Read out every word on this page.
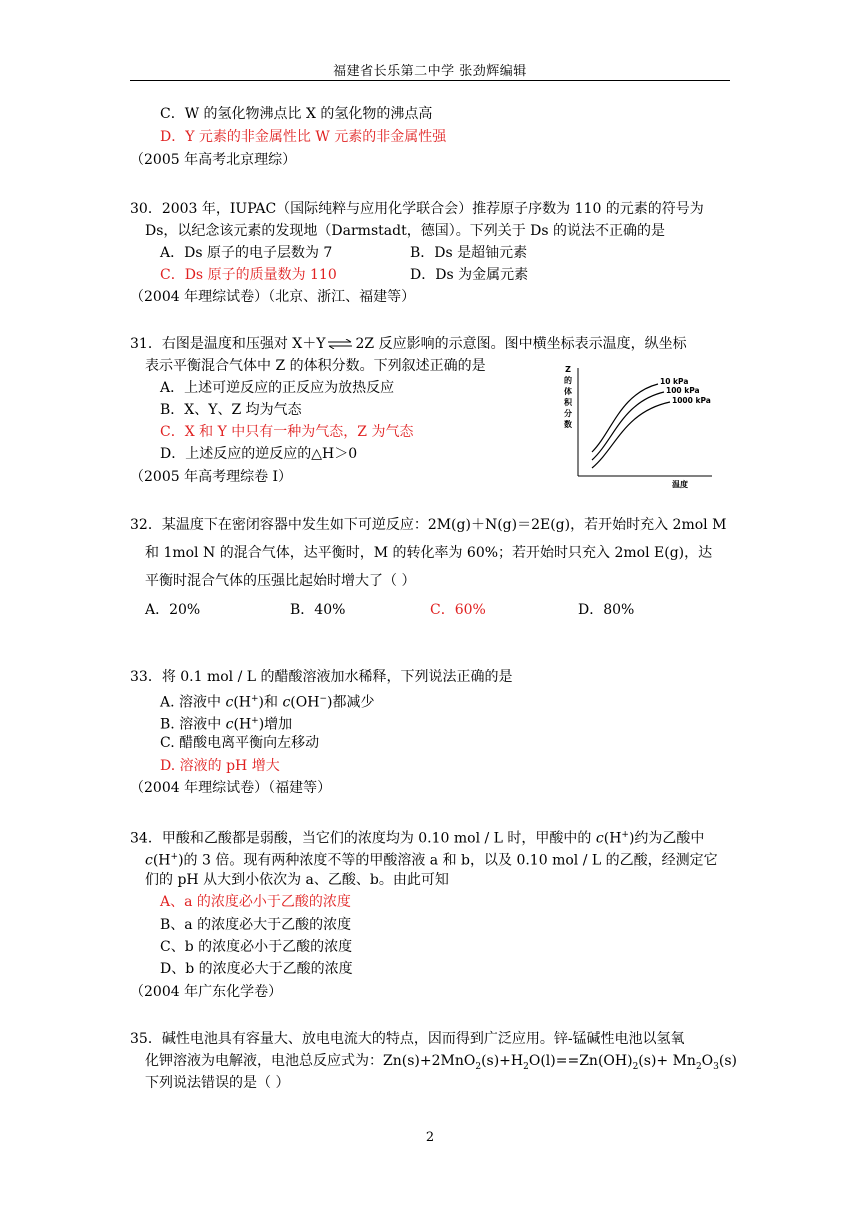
福建省长乐第二中学 张劲辉编辑
C．W 的氢化物沸点比 X 的氢化物的沸点高
D．Y 元素的非金属性比 W 元素的非金属性强
（2005 年高考北京理综）
30．2003 年，IUPAC（国际纯粹与应用化学联合会）推荐原子序数为 110 的元素的符号为
Ds，以纪念该元素的发现地（Darmstadt，德国）。下列关于 Ds 的说法不正确的是
A．Ds 原子的电子层数为 7	B．Ds 是超铀元素
C．Ds 原子的质量数为 110	D．Ds 为金属元素
（2004 年理综试卷）（北京、浙江、福建等）
31．右图是温度和压强对 X＋Y ⇌ 2Z 反应影响的示意图。图中横坐标表示温度，纵坐标
表示平衡混合气体中 Z 的体积分数。下列叙述正确的是
A．上述可逆反应的正反应为放热反应
B．X、Y、Z 均为气态
C．X 和 Y 中只有一种为气态，Z 为气态
D．上述反应的逆反应的△H＞0
（2005 年高考理综卷 I）
Z
的
体
积
分
数
10 kPa
100 kPa
1000 kPa
温度
32．某温度下在密闭容器中发生如下可逆反应：2M(g)＋N(g)＝2E(g)，若开始时充入 2mol M
和 1mol N 的混合气体，达平衡时，M 的转化率为 60%；若开始时只充入 2mol E(g)，达
平衡时混合气体的压强比起始时增大了（ ）
A．20%	B．40%	C．60%	D．80%
33．将 0.1 mol / L 的醋酸溶液加水稀释，下列说法正确的是
A. 溶液中 c(H+)和 c(OH−)都减少
B. 溶液中 c(H+)增加
C. 醋酸电离平衡向左移动
D. 溶液的 pH 增大
（2004 年理综试卷）（福建等）
34．甲酸和乙酸都是弱酸，当它们的浓度均为 0.10 mol / L 时，甲酸中的 c(H+)约为乙酸中
c(H+)的 3 倍。现有两种浓度不等的甲酸溶液 a 和 b，以及 0.10 mol / L 的乙酸，经测定它
们的 pH 从大到小依次为 a、乙酸、b。由此可知
A、a 的浓度必小于乙酸的浓度
B、a 的浓度必大于乙酸的浓度
C、b 的浓度必小于乙酸的浓度
D、b 的浓度必大于乙酸的浓度
（2004 年广东化学卷）
35．碱性电池具有容量大、放电电流大的特点，因而得到广泛应用。锌-锰碱性电池以氢氧
化钾溶液为电解液，电池总反应式为：$Zn(s)+2MnO_2(s)+H_2O(l)==Zn(OH)_2(s)+ Mn_2O_3(s)$
下列说法错误的是（ ）
2
